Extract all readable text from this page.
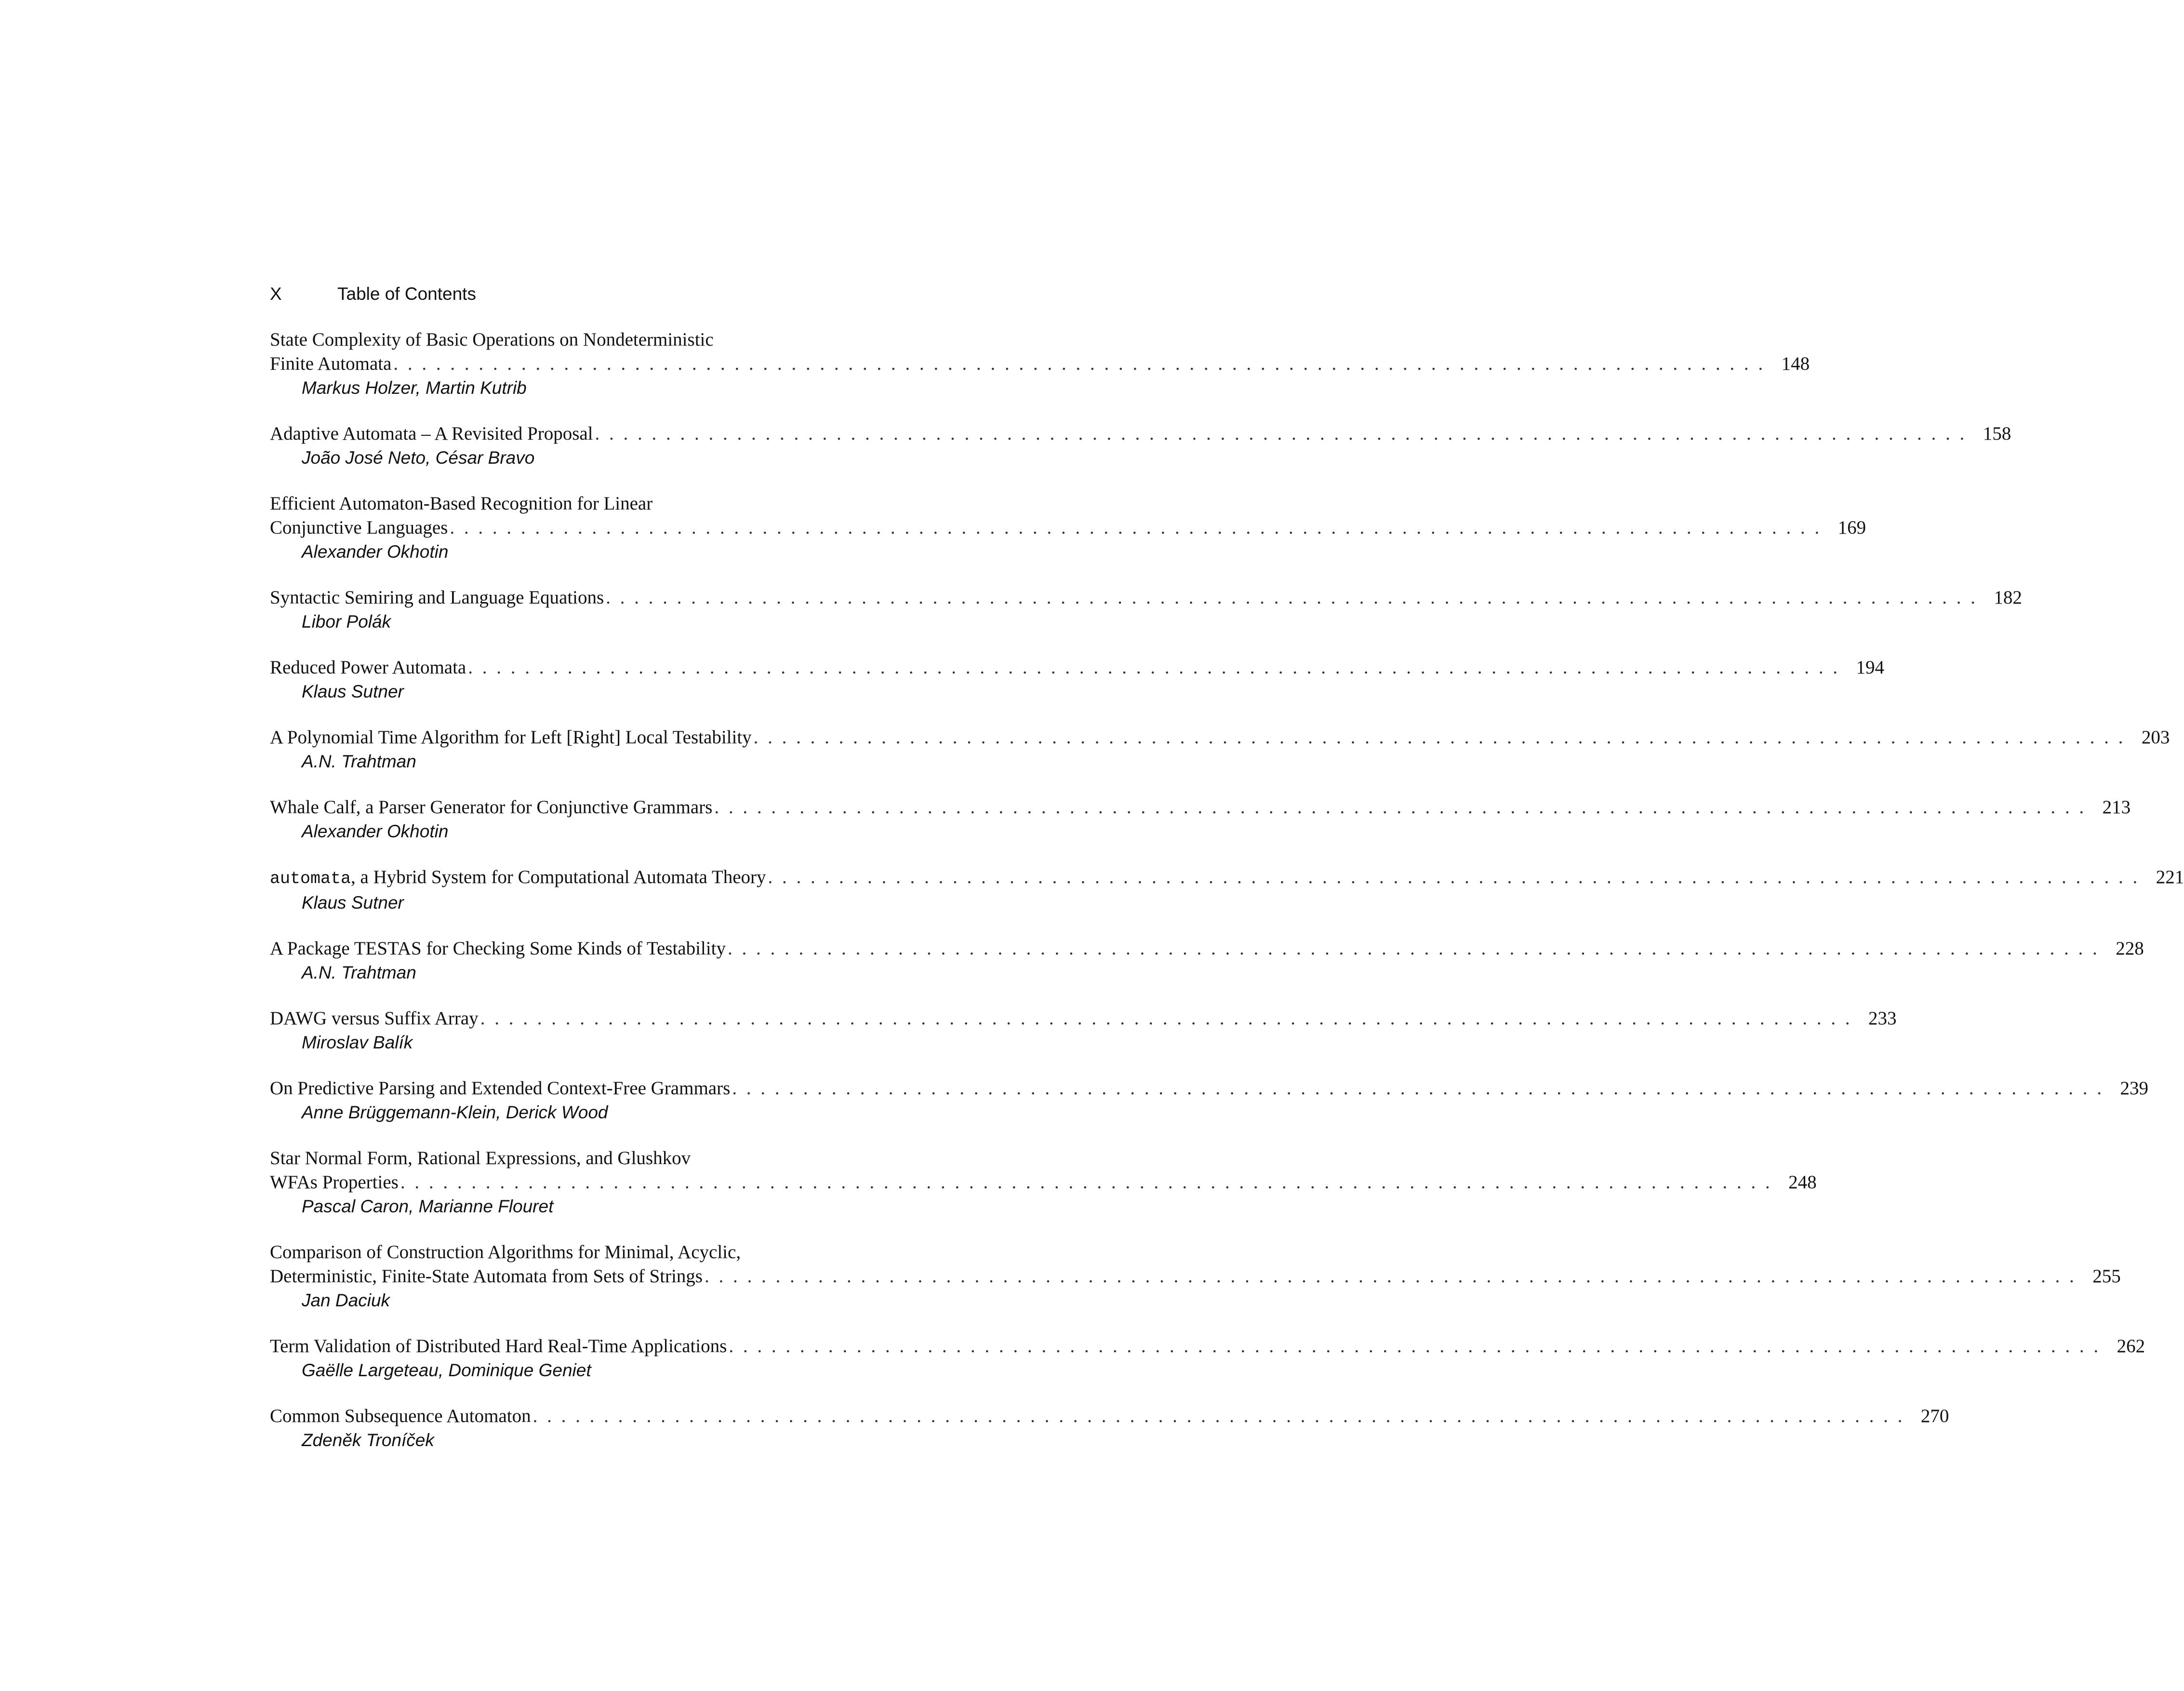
X	Table of Contents
State Complexity of Basic Operations on Nondeterministic
Finite Automata . . . . . . . . . . . . . . . . . . . . . . . . . . . . . . . . . . . . . . . . . . . . . . . . . . . . . . . . . . . . . . . . . . . . . . . . . . . . . . . . . . . . . . . . . . . . . . . . . 148
Markus Holzer, Martin Kutrib
Adaptive Automata – A Revisited Proposal . . . . . . . . . . . . . . . . . . . . . . . . . . . . . . . . . . . . . . . . . . . . . . . . . . . . . . . . . . . . . . . . . . . . . . . . . . . . . . . . . . . . . . . . . . . . . . . . . 158
João José Neto, César Bravo
Efficient Automaton-Based Recognition for Linear
Conjunctive Languages . . . . . . . . . . . . . . . . . . . . . . . . . . . . . . . . . . . . . . . . . . . . . . . . . . . . . . . . . . . . . . . . . . . . . . . . . . . . . . . . . . . . . . . . . . . . . . . . . 169
Alexander Okhotin
Syntactic Semiring and Language Equations . . . . . . . . . . . . . . . . . . . . . . . . . . . . . . . . . . . . . . . . . . . . . . . . . . . . . . . . . . . . . . . . . . . . . . . . . . . . . . . . . . . . . . . . . . . . . . . . . 182
Libor Polák
Reduced Power Automata . . . . . . . . . . . . . . . . . . . . . . . . . . . . . . . . . . . . . . . . . . . . . . . . . . . . . . . . . . . . . . . . . . . . . . . . . . . . . . . . . . . . . . . . . . . . . . . . . 194
Klaus Sutner
A Polynomial Time Algorithm for Left [Right] Local Testability . . . . . . . . . . . . . . . . . . . . . . . . . . . . . . . . . . . . . . . . . . . . . . . . . . . . . . . . . . . . . . . . . . . . . . . . . . . . . . . . . . . . . . . . . . . . . . . . . 203
A.N. Trahtman
Whale Calf, a Parser Generator for Conjunctive Grammars . . . . . . . . . . . . . . . . . . . . . . . . . . . . . . . . . . . . . . . . . . . . . . . . . . . . . . . . . . . . . . . . . . . . . . . . . . . . . . . . . . . . . . . . . . . . . . . . . 213
Alexander Okhotin
automata, a Hybrid System for Computational Automata Theory . . . . . . . . . . . . . . . . . . . . . . . . . . . . . . . . . . . . . . . . . . . . . . . . . . . . . . . . . . . . . . . . . . . . . . . . . . . . . . . . . . . . . . . . . . . . . . . . . 221
Klaus Sutner
A Package TESTAS for Checking Some Kinds of Testability . . . . . . . . . . . . . . . . . . . . . . . . . . . . . . . . . . . . . . . . . . . . . . . . . . . . . . . . . . . . . . . . . . . . . . . . . . . . . . . . . . . . . . . . . . . . . . . . . 228
A.N. Trahtman
DAWG versus Suffix Array . . . . . . . . . . . . . . . . . . . . . . . . . . . . . . . . . . . . . . . . . . . . . . . . . . . . . . . . . . . . . . . . . . . . . . . . . . . . . . . . . . . . . . . . . . . . . . . . . 233
Miroslav Balík
On Predictive Parsing and Extended Context-Free Grammars . . . . . . . . . . . . . . . . . . . . . . . . . . . . . . . . . . . . . . . . . . . . . . . . . . . . . . . . . . . . . . . . . . . . . . . . . . . . . . . . . . . . . . . . . . . . . . . . . 239
Anne Brüggemann-Klein, Derick Wood
Star Normal Form, Rational Expressions, and Glushkov
WFAs Properties . . . . . . . . . . . . . . . . . . . . . . . . . . . . . . . . . . . . . . . . . . . . . . . . . . . . . . . . . . . . . . . . . . . . . . . . . . . . . . . . . . . . . . . . . . . . . . . . . 248
Pascal Caron, Marianne Flouret
Comparison of Construction Algorithms for Minimal, Acyclic,
Deterministic, Finite-State Automata from Sets of Strings . . . . . . . . . . . . . . . . . . . . . . . . . . . . . . . . . . . . . . . . . . . . . . . . . . . . . . . . . . . . . . . . . . . . . . . . . . . . . . . . . . . . . . . . . . . . . . . . . 255
Jan Daciuk
Term Validation of Distributed Hard Real-Time Applications . . . . . . . . . . . . . . . . . . . . . . . . . . . . . . . . . . . . . . . . . . . . . . . . . . . . . . . . . . . . . . . . . . . . . . . . . . . . . . . . . . . . . . . . . . . . . . . . . 262
Gaëlle Largeteau, Dominique Geniet
Common Subsequence Automaton . . . . . . . . . . . . . . . . . . . . . . . . . . . . . . . . . . . . . . . . . . . . . . . . . . . . . . . . . . . . . . . . . . . . . . . . . . . . . . . . . . . . . . . . . . . . . . . . . 270
Zdeněk Troníček
